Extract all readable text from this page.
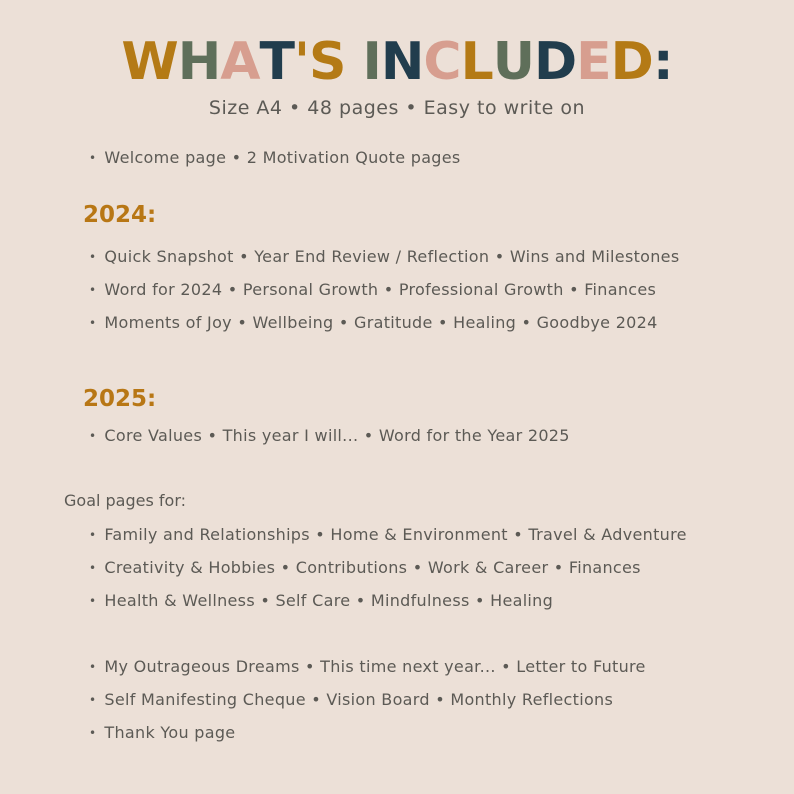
WHAT'S INCLUDED:
Size A4 • 48 pages • Easy to write on
• Welcome page • 2 Motivation Quote pages
2024:
• Quick Snapshot • Year End Review / Reflection • Wins and Milestones
• Word for 2024 • Personal Growth • Professional Growth • Finances
• Moments of Joy • Wellbeing • Gratitude • Healing • Goodbye 2024
2025:
• Core Values • This year I will... • Word for the Year 2025
Goal pages for:
• Family and Relationships • Home & Environment • Travel & Adventure
• Creativity & Hobbies • Contributions • Work & Career • Finances
• Health & Wellness • Self Care • Mindfulness • Healing
• My Outrageous Dreams • This time next year... • Letter to Future
• Self Manifesting Cheque • Vision Board • Monthly Reflections
• Thank You page
